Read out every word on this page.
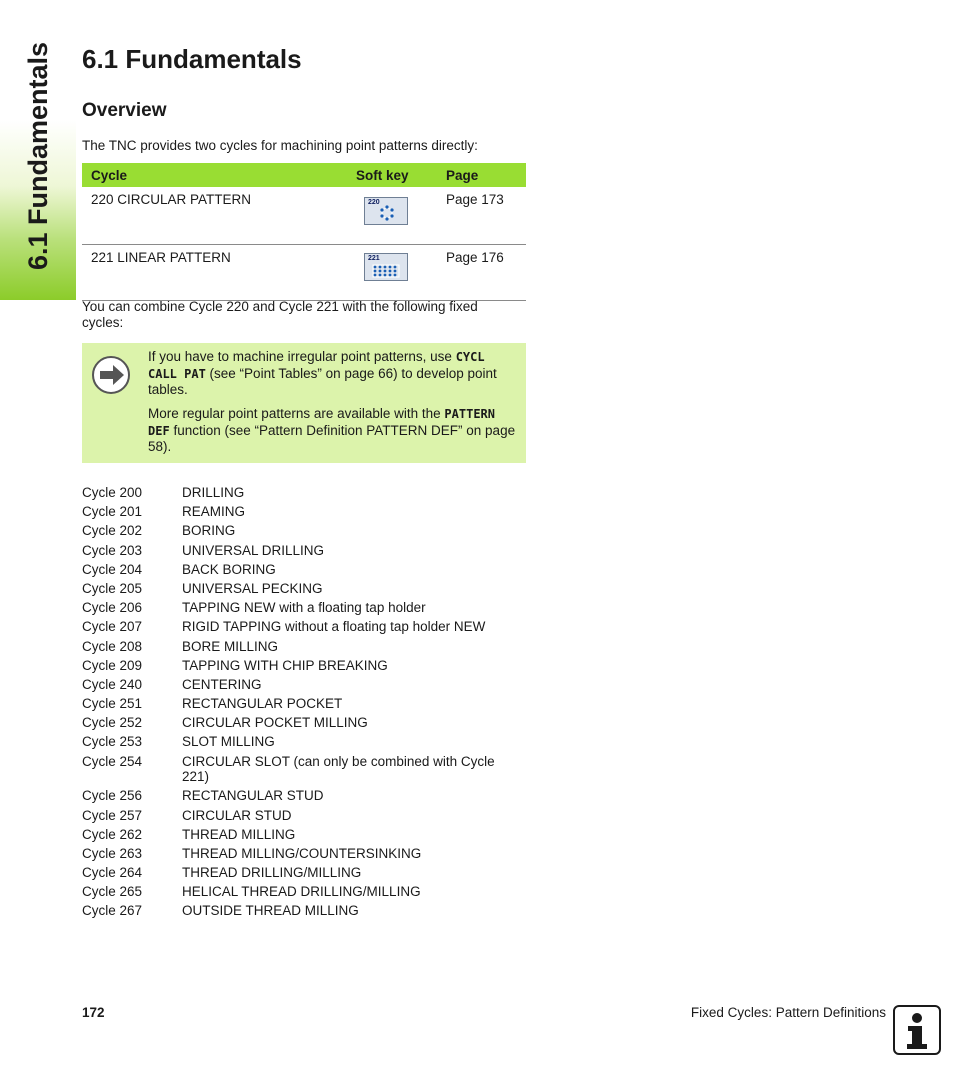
6.1 Fundamentals 6.1 Fundamentals
Overview

The TNC provides two cycles for machining point patterns directly:

Cycle	Soft key	Page
220 CIRCULAR PATTERN	220	Page 173
221 LINEAR PATTERN	221	Page 176

You can combine Cycle 220 and Cycle 221 with the following fixed cycles:

If you have to machine irregular point patterns, use CYCL CALL PAT (see “Point Tables” on page 66) to develop point tables.

More regular point patterns are available with the PATTERN DEF function (see “Pattern Definition PATTERN DEF” on page 58).

Cycle 200	DRILLING
Cycle 201	REAMING
Cycle 202	BORING
Cycle 203	UNIVERSAL DRILLING
Cycle 204	BACK BORING
Cycle 205	UNIVERSAL PECKING
Cycle 206	TAPPING NEW with a floating tap holder
Cycle 207	RIGID TAPPING without a floating tap holder NEW
Cycle 208	BORE MILLING
Cycle 209	TAPPING WITH CHIP BREAKING
Cycle 240	CENTERING
Cycle 251	RECTANGULAR POCKET
Cycle 252	CIRCULAR POCKET MILLING
Cycle 253	SLOT MILLING
Cycle 254	CIRCULAR SLOT (can only be combined with Cycle 221)
Cycle 256	RECTANGULAR STUD
Cycle 257	CIRCULAR STUD
Cycle 262	THREAD MILLING
Cycle 263	THREAD MILLING/COUNTERSINKING
Cycle 264	THREAD DRILLING/MILLING
Cycle 265	HELICAL THREAD DRILLING/MILLING
Cycle 267	OUTSIDE THREAD MILLING
172	Fixed Cycles: Pattern Definitions
